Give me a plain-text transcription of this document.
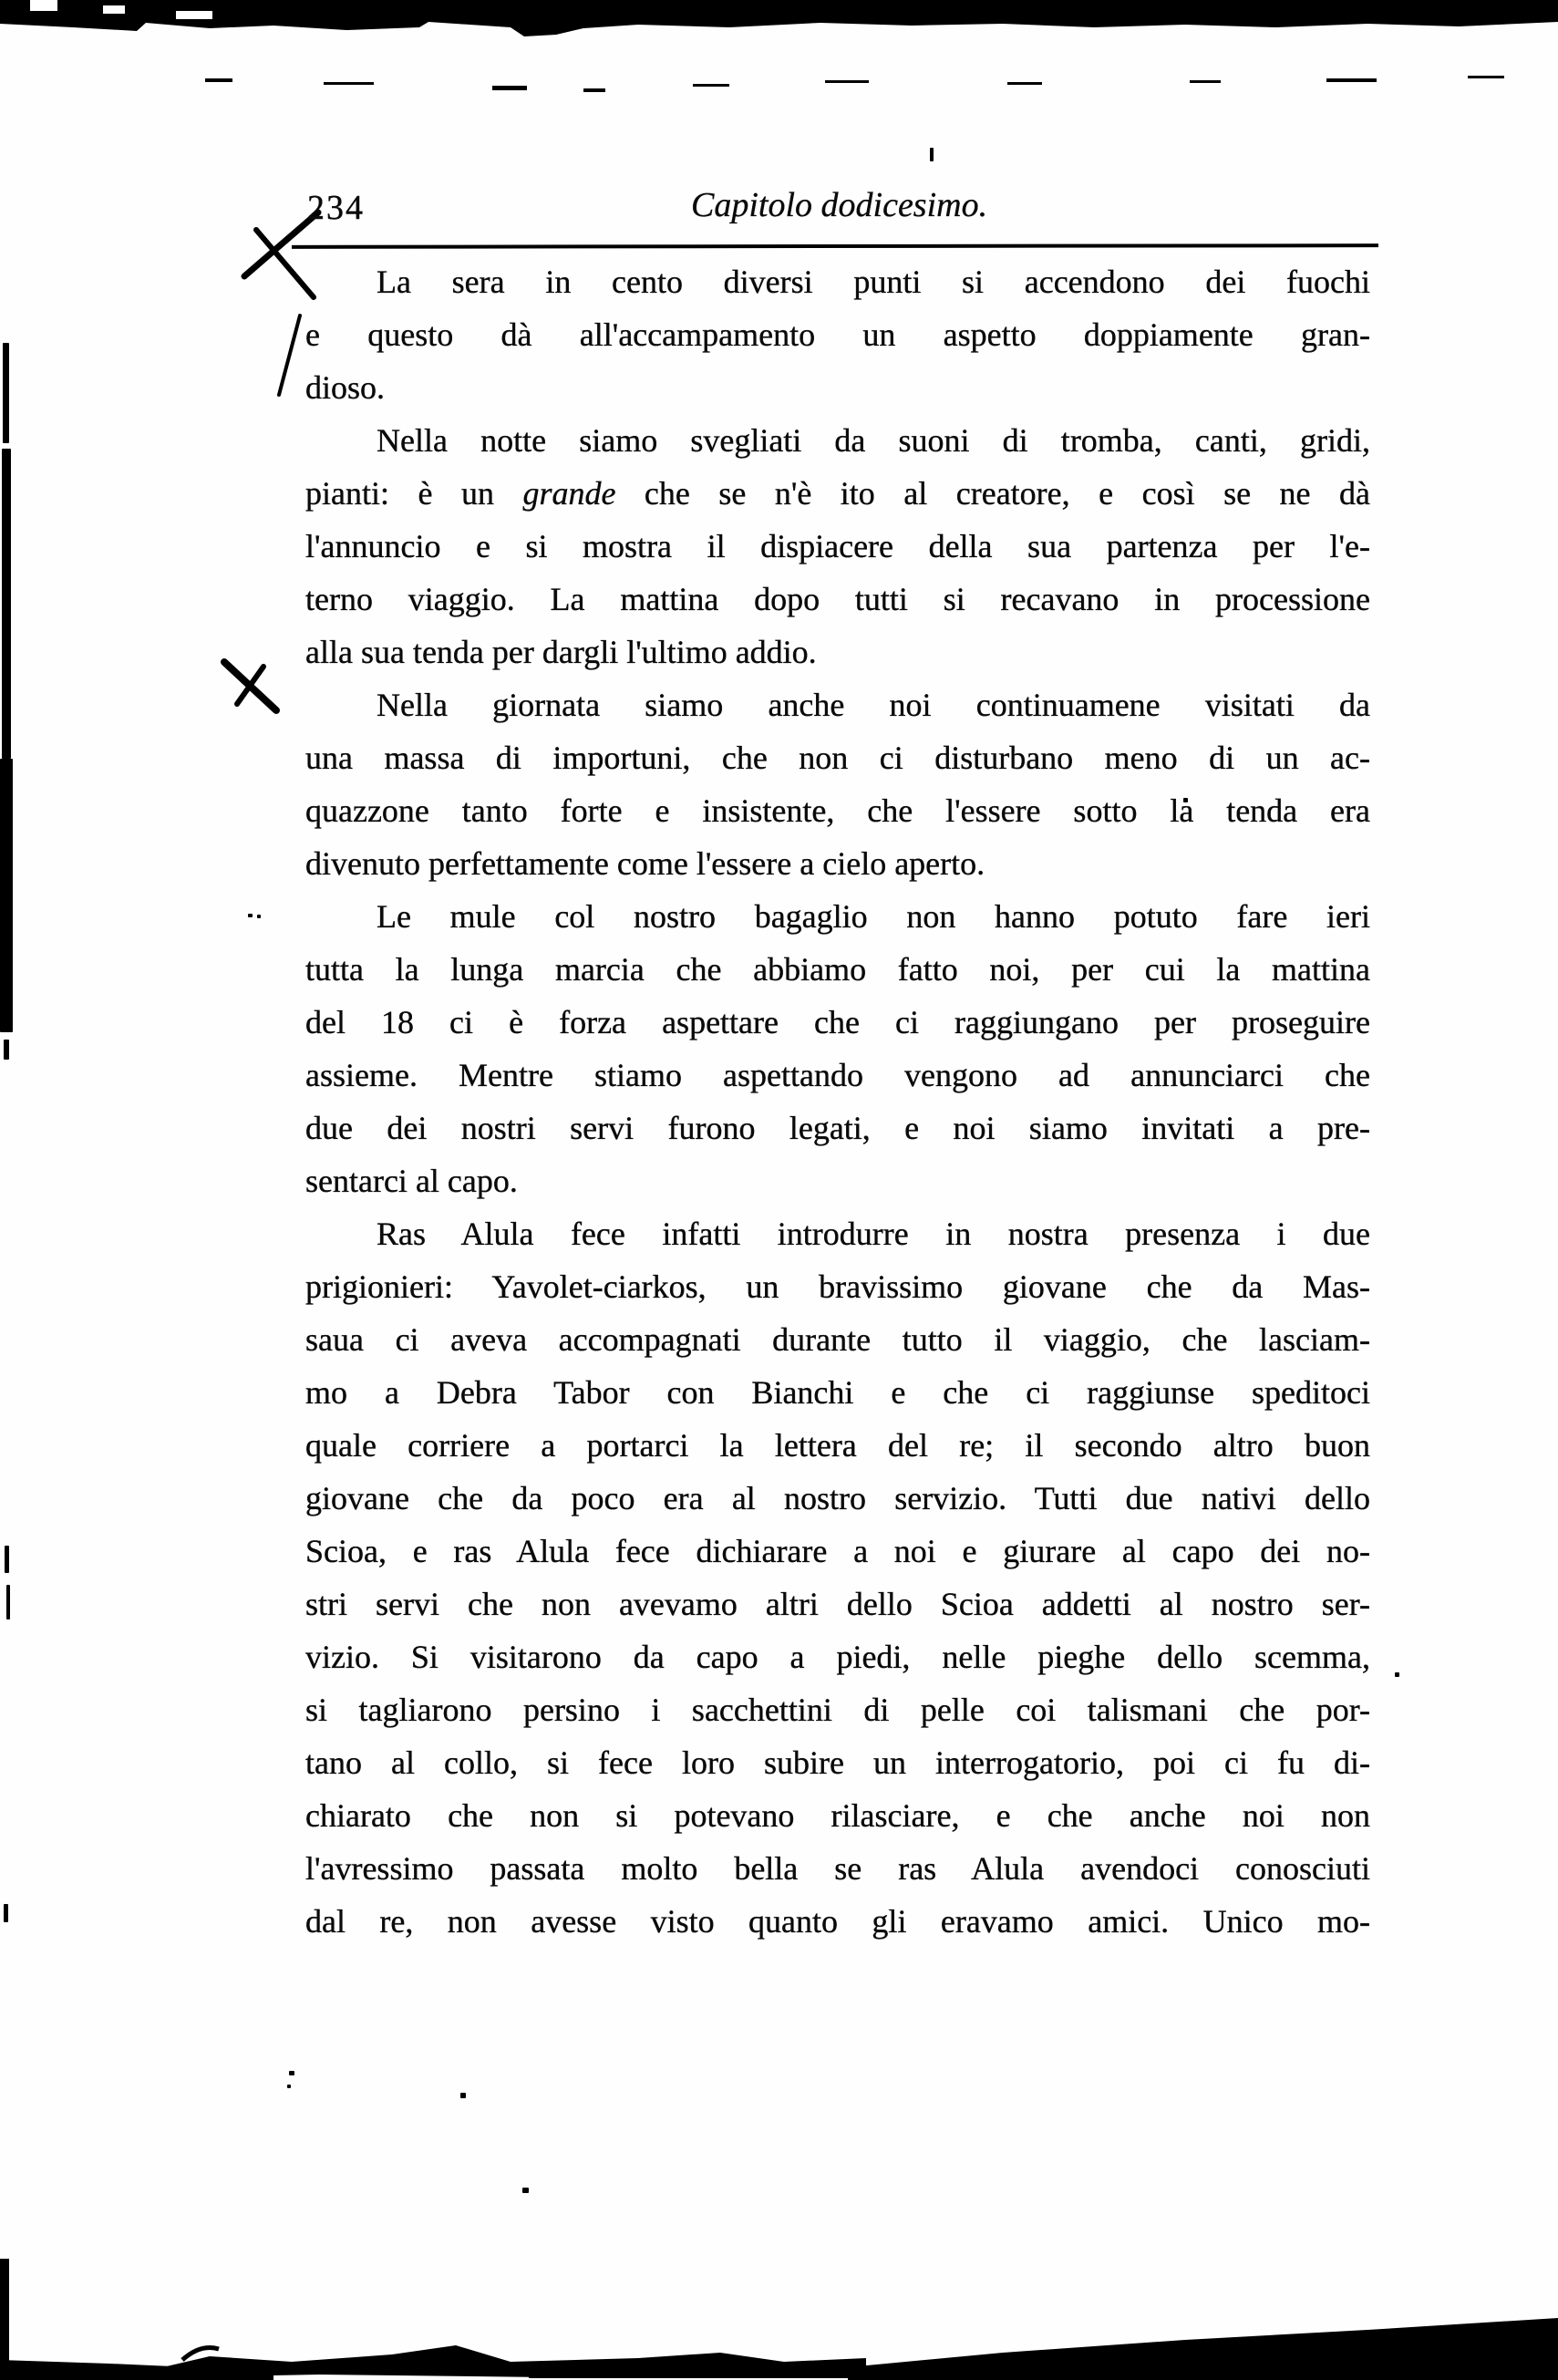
234	Capitolo dodicesimo.
La sera in cento diversi punti si accendono dei fuochi
e questo dà all'accampamento un aspetto doppiamente gran-
dioso.
Nella notte siamo svegliati da suoni di tromba, canti, gridi,
pianti: è un grande che se n'è ito al creatore, e così se ne dà
l'annuncio e si mostra il dispiacere della sua partenza per l'e-
terno viaggio. La mattina dopo tutti si recavano in processione
alla sua tenda per dargli l'ultimo addio.
Nella giornata siamo anche noi continuamene visitati da
una massa di importuni, che non ci disturbano meno di un ac-
quazzone tanto forte e insistente, che l'essere sotto la tenda era
divenuto perfettamente come l'essere a cielo aperto.
Le mule col nostro bagaglio non hanno potuto fare ieri
tutta la lunga marcia che abbiamo fatto noi, per cui la mattina
del 18 ci è forza aspettare che ci raggiungano per proseguire
assieme. Mentre stiamo aspettando vengono ad annunciarci che
due dei nostri servi furono legati, e noi siamo invitati a pre-
sentarci al capo.
Ras Alula fece infatti introdurre in nostra presenza i due
prigionieri: Yavolet-ciarkos, un bravissimo giovane che da Mas-
saua ci aveva accompagnati durante tutto il viaggio, che lasciam-
mo a Debra Tabor con Bianchi e che ci raggiunse speditoci
quale corriere a portarci la lettera del re; il secondo altro buon
giovane che da poco era al nostro servizio. Tutti due nativi dello
Scioa, e ras Alula fece dichiarare a noi e giurare al capo dei no-
stri servi che non avevamo altri dello Scioa addetti al nostro ser-
vizio. Si visitarono da capo a piedi, nelle pieghe dello scemma,
si tagliarono persino i sacchettini di pelle coi talismani che por-
tano al collo, si fece loro subire un interrogatorio, poi ci fu di-
chiarato che non si potevano rilasciare, e che anche noi non
l'avressimo passata molto bella se ras Alula avendoci conosciuti
dal re, non avesse visto quanto gli eravamo amici. Unico mo-
